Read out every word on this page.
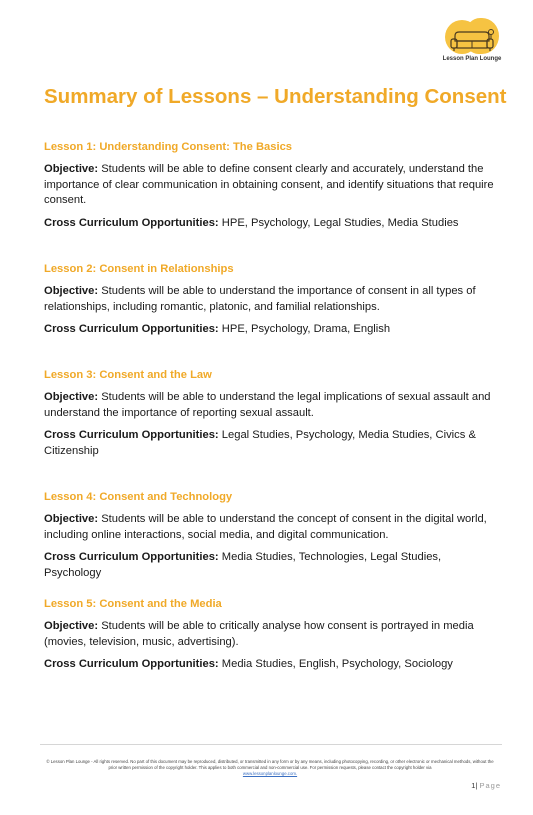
Lesson Plan Lounge
Summary of Lessons – Understanding Consent
Lesson 1: Understanding Consent: The Basics

Objective: Students will be able to define consent clearly and accurately, understand the importance of clear communication in obtaining consent, and identify situations that require consent.

Cross Curriculum Opportunities: HPE, Psychology, Legal Studies, Media Studies

Lesson 2: Consent in Relationships

Objective: Students will be able to understand the importance of consent in all types of relationships, including romantic, platonic, and familial relationships.

Cross Curriculum Opportunities: HPE, Psychology, Drama, English

Lesson 3: Consent and the Law

Objective: Students will be able to understand the legal implications of sexual assault and understand the importance of reporting sexual assault.

Cross Curriculum Opportunities: Legal Studies, Psychology, Media Studies, Civics & Citizenship

Lesson 4: Consent and Technology

Objective: Students will be able to understand the concept of consent in the digital world, including online interactions, social media, and digital communication.

Cross Curriculum Opportunities: Media Studies, Technologies, Legal Studies, Psychology

Lesson 5: Consent and the Media

Objective: Students will be able to critically analyse how consent is portrayed in media (movies, television, music, advertising).

Cross Curriculum Opportunities: Media Studies, English, Psychology, Sociology

© Lesson Plan Lounge - All rights reserved. No part of this document may be reproduced, distributed, or transmitted in any form or by any means, including photocopying, recording, or other electronic or mechanical methods, without the prior written permission of the copyright holder. This applies to both commercial and non-commercial use. For permission requests, please contact the copyright holder via
www.lessonplanlounge.com.
1| Page
